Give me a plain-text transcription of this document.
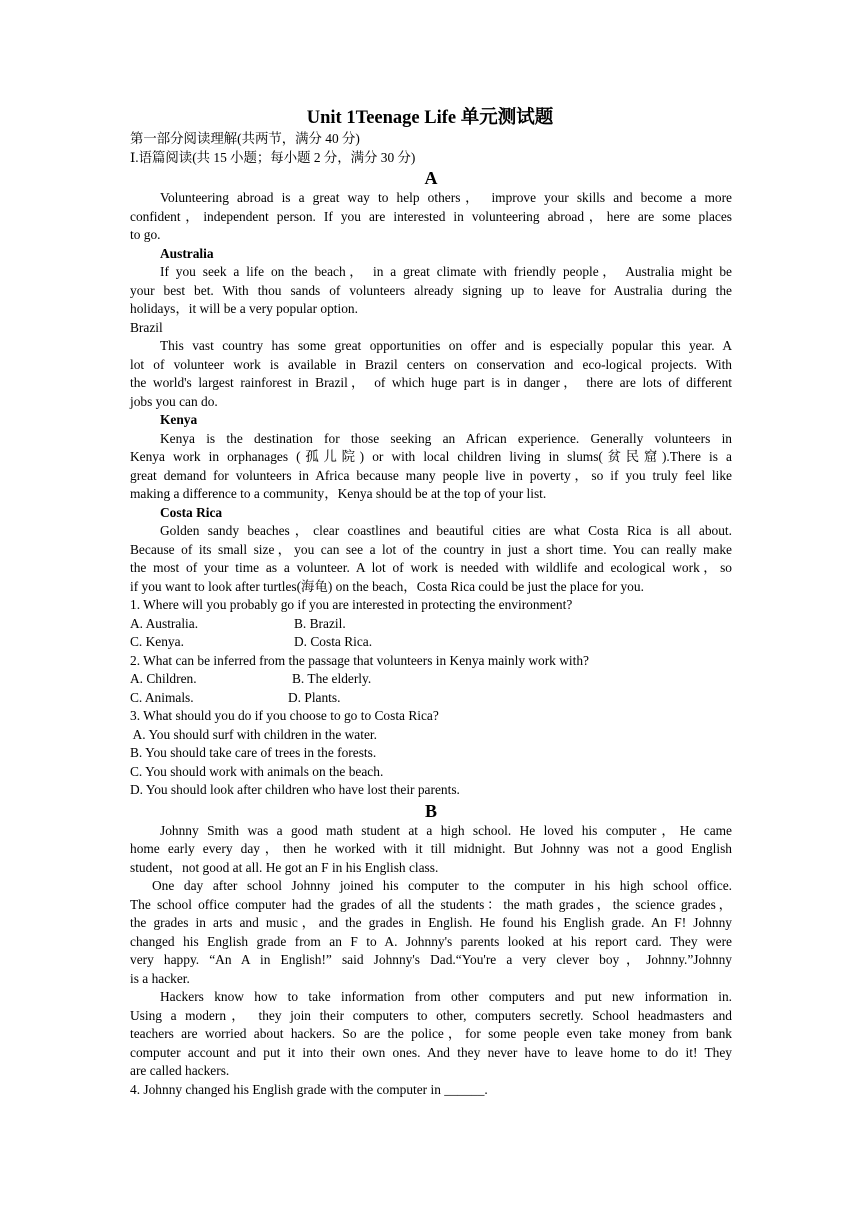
Unit 1Teenage Life 单元测试题
第一部分阅读理解(共两节，满分 40 分)
Ⅰ.语篇阅读(共 15 小题；每小题 2 分，满分 30 分)
A
Volunteering abroad is a great way to help others， improve your skills and become a more
confident，independent person. If you are interested in volunteering abroad，here are some places
to go.
Australia
If you seek a life on the beach， in a great climate with friendly people， Australia might be
your best bet. With thou sands of volunteers already signing up to leave for Australia during the
holidays，it will be a very popular option.
Brazil
This vast country has some great opportunities on offer and is especially popular this year. A
lot of volunteer work is available in Brazil centers on conservation and eco-logical projects. With
the world's largest rainforest in Brazil， of which huge part is in danger， there are lots of different
jobs you can do.
Kenya
Kenya is the destination for those seeking an African experience. Generally volunteers in
Kenya work in orphanages (孤儿院) or with local children living in slums(贫民窟).There is a
great demand for volunteers in Africa because many people live in poverty，so if you truly feel like
making a difference to a community，Kenya should be at the top of your list.
Costa Rica
Golden sandy beaches，clear coastlines and beautiful cities are what Costa Rica is all about.
Because of its small size，you can see a lot of the country in just a short time. You can really make
the most of your time as a volunteer. A lot of work is needed with wildlife and ecological work，so
if you want to look after turtles(海龟) on the beach，Costa Rica could be just the place for you.
1. Where will you probably go if you are interested in protecting the environment?
A. Australia.	B. Brazil.
C. Kenya.	D. Costa Rica.
2. What can be inferred from the passage that volunteers in Kenya mainly work with?
A. Children.	B. The elderly.
C. Animals.	D. Plants.
3. What should you do if you choose to go to Costa Rica?
A. You should surf with children in the water.
B. You should take care of trees in the forests.
C. You should work with animals on the beach.
D. You should look after children who have lost their parents.
B
Johnny Smith was a good math student at a high school. He loved his computer，He came
home early every day，then he worked with it till midnight. But Johnny was not a good English
student，not good at all. He got an F in his English class.
One day after school Johnny joined his computer to the computer in his high school office.
The school office computer had the grades of all the students：the math grades，the science grades，
the grades in arts and music，and the grades in English. He found his English grade. An F! Johnny
changed his English grade from an F to A. Johnny's parents looked at his report card. They were
very happy. “An A in English!” said Johnny's Dad.“You're a very clever boy，Johnny.”Johnny
is a hacker.
Hackers know how to take information from other computers and put new information in.
Using a modern， they join their computers to other, computers secretly. School headmasters and
teachers are worried about hackers. So are the police，for some people even take money from bank
computer account and put it into their own ones. And they never have to leave home to do it! They
are called hackers.
4. Johnny changed his English grade with the computer in ______.
